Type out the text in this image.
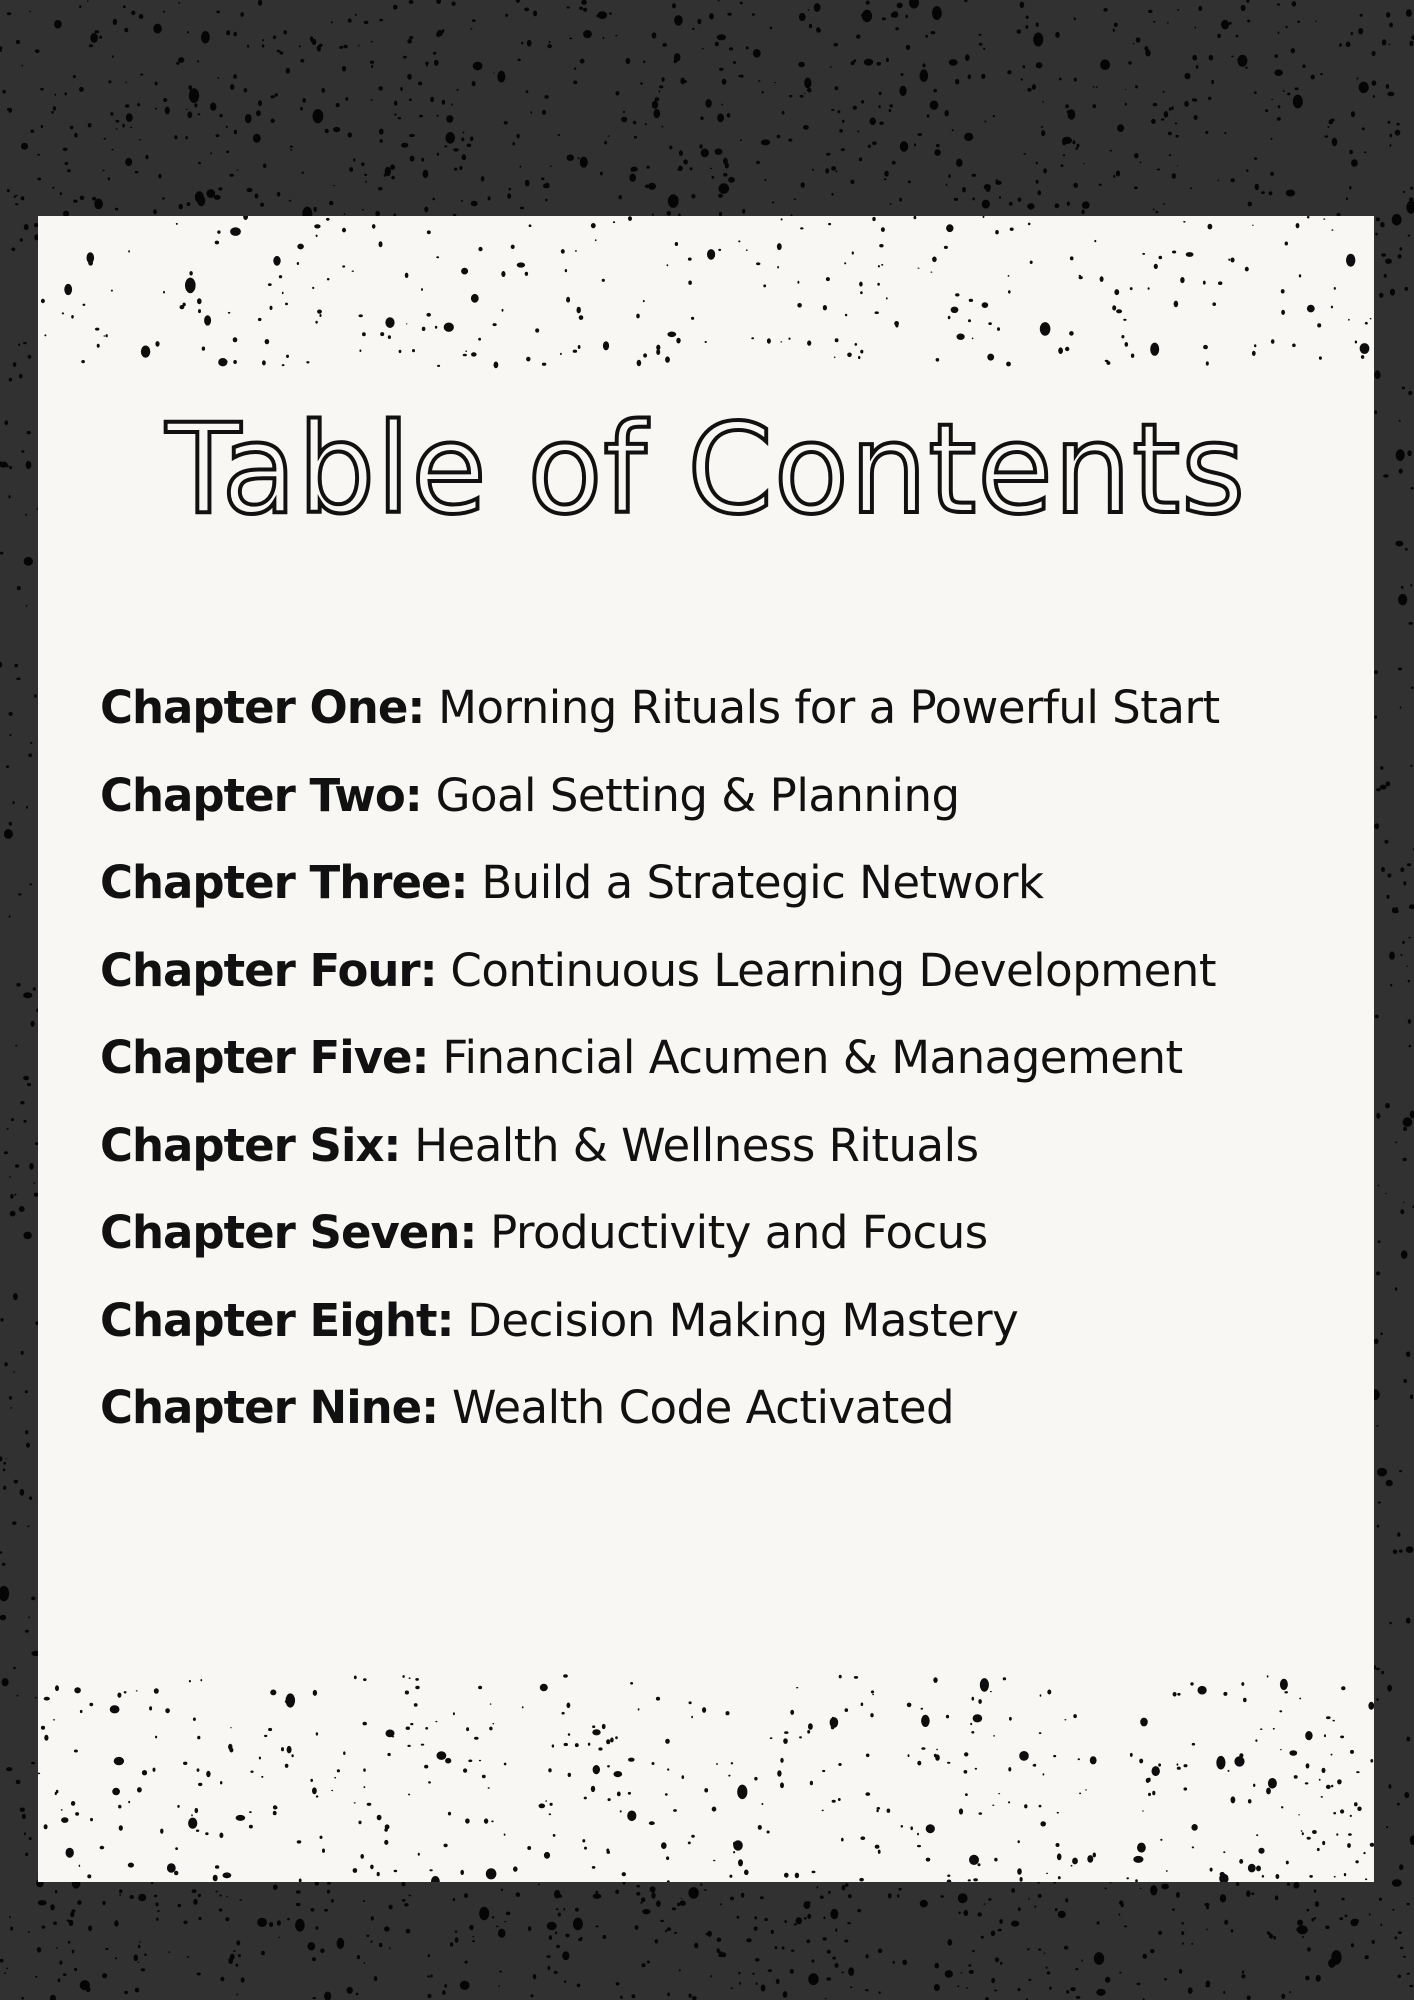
Table of Contents
Chapter One: Morning Rituals for a Powerful Start
Chapter Two: Goal Setting & Planning
Chapter Three: Build a Strategic Network
Chapter Four: Continuous Learning Development
Chapter Five: Financial Acumen & Management
Chapter Six: Health & Wellness Rituals
Chapter Seven: Productivity and Focus
Chapter Eight: Decision Making Mastery
Chapter Nine: Wealth Code Activated
